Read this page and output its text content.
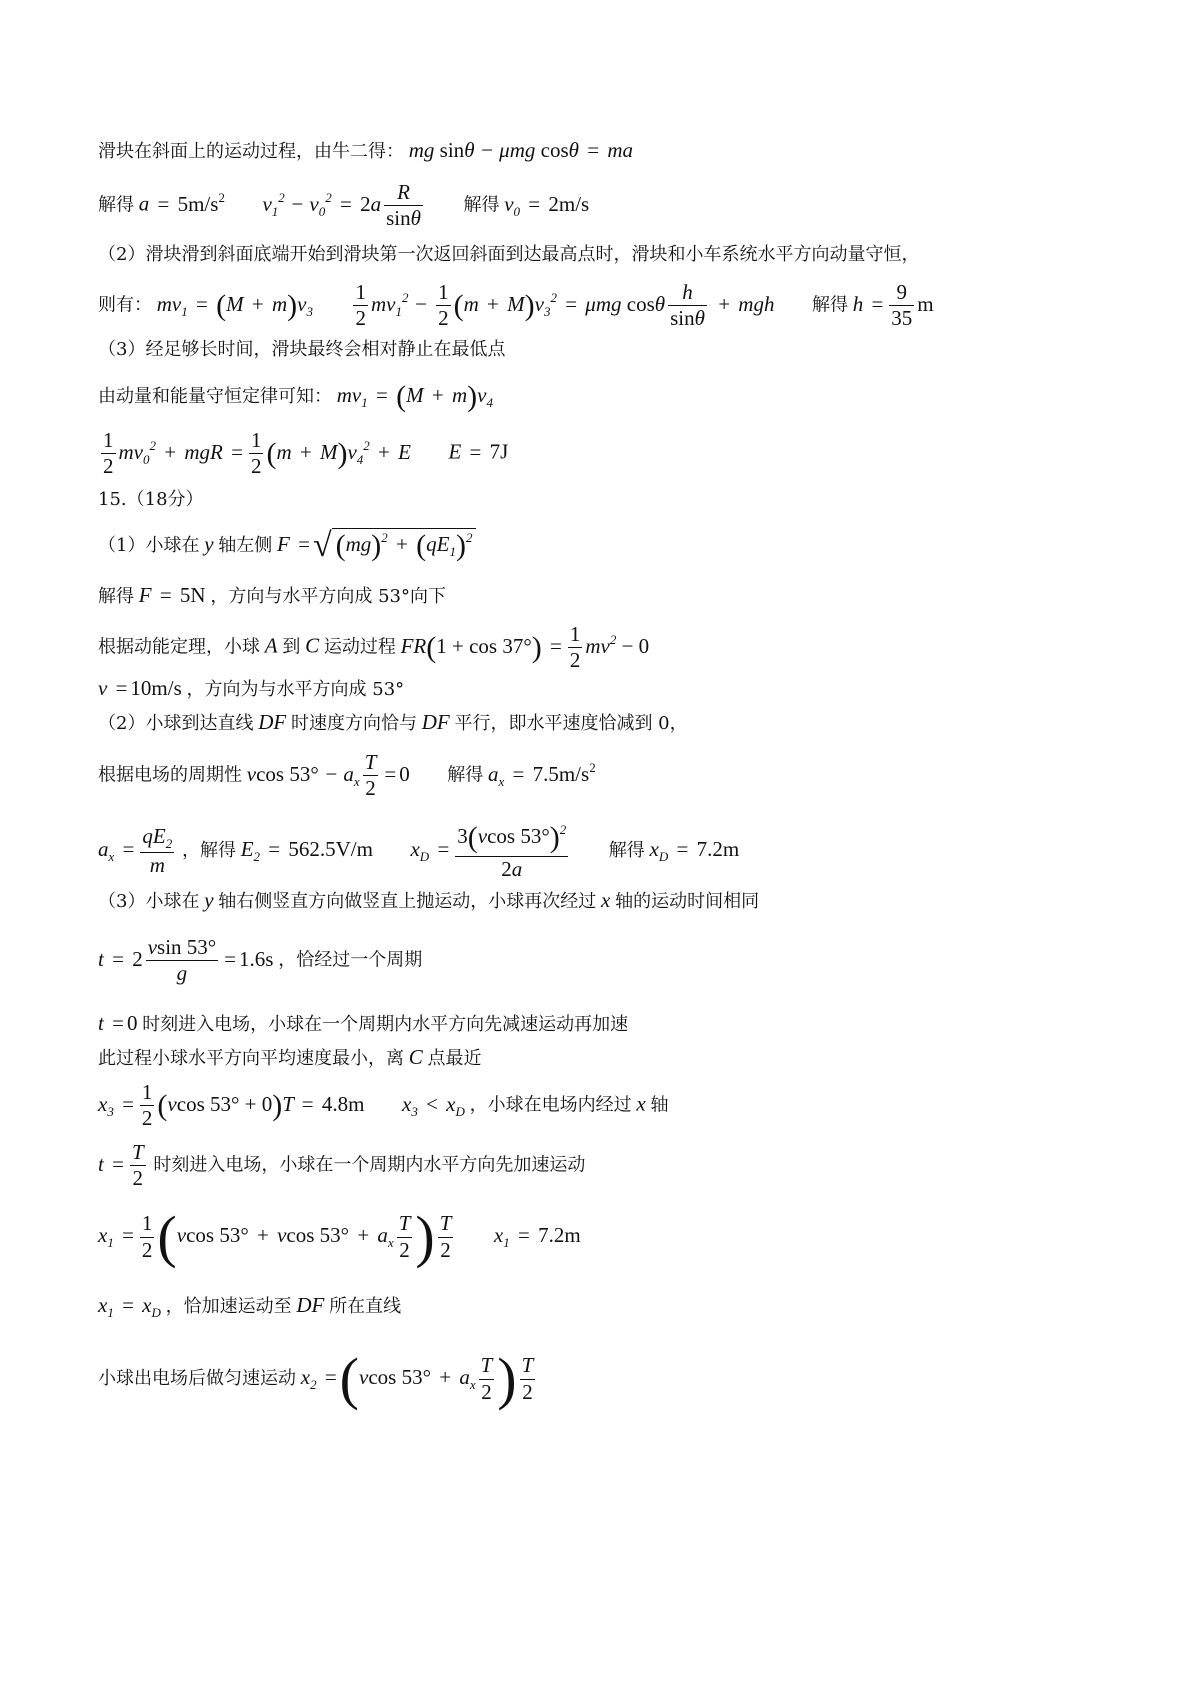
滑块在斜面上的运动过程，由牛二得： mg sinθ − μmg cosθ = ma
解得 $a = 5m/s^2$ $v_1^2 - v_0^2 = 2a \frac{R}{\sin\theta}$ 解得 $v_0 = 2m/s$
（2）滑块滑到斜面底端开始到滑块第一次返回斜面到达最高点时，滑块和小车系统水平方向动量守恒，
则有： $mv_1 = (M + m)v_3 \frac{1}{2} mv_1^2 - \frac{1}{2} (m + M)v_3^2 = \mu mg$ cosθ $\frac{h}{\sin\theta}$ + mgh 解得 $h = \frac{9}{35}$ m
（3）经足够长时间，滑块最终会相对静止在最低点
由动量和能量守恒定律可知： $mv_1 = (M + m)v_4$
$\frac{1}{2} mv_0^2$ + mgR = $\frac{1}{2} (m + M)v_4^2 + E$ E = 7J
15.（18分）
（1）小球在 y 轴左侧 F =√ $(mg)^2 + (qE_1)^2$
解得 F = 5N ，方向与水平方向成 53°向下
根据动能定理，小球 A 到 C 运动过程 $FR(1 + \cos 37^\circ) = \frac{1}{2} mv^2 - 0$
v = 10m/s ，方向为与水平方向成 53°
（2）小球到达直线 DF 时速度方向恰与 DF 平行，即水平速度恰减到 0，
根据电场的周期性 vcos $53^\circ - a_x \frac{T}{2} = 0$ 解得 $a_x = 7.5m/s^2$
$a_x = \frac{qE_2}{m}$ ，解得 $E_2 = 562.5V/m$ $x_D = \frac{3(vcos 53^\circ)^2}{2a}$ 解得 $x_D = 7.2m$
（3）小球在 y 轴右侧竖直方向做竖直上抛运动，小球再次经过 x 轴的运动时间相同
$t = 2 \frac{vsin 53^\circ}{g} = 1.6s$ ，恰经过一个周期
t = 0 时刻进入电场，小球在一个周期内水平方向先减速运动再加速
此过程小球水平方向平均速度最小，离 C 点最近
$x_3 = \frac{1}{2} (vcos$ 53° + 0)T = 4.8m $x_3 < x_D$ ，小球在电场内经过 x 轴
$t = \frac{T}{2}$ 时刻进入电场，小球在一个周期内水平方向先加速运动
$x_1 = \frac{1}{2} (vcos$ 53° + vcos $53^\circ + a_x \frac{T}{2}$ ) $\frac{T}{2} x_1 = 7.2m$
$x_1 = x_D$ ，恰加速运动至 DF 所在直线
小球出电场后做匀速运动 $x_2 =(vcos$ $53^\circ + a_x \frac{T}{2}$ ) $\frac{T}{2}$
